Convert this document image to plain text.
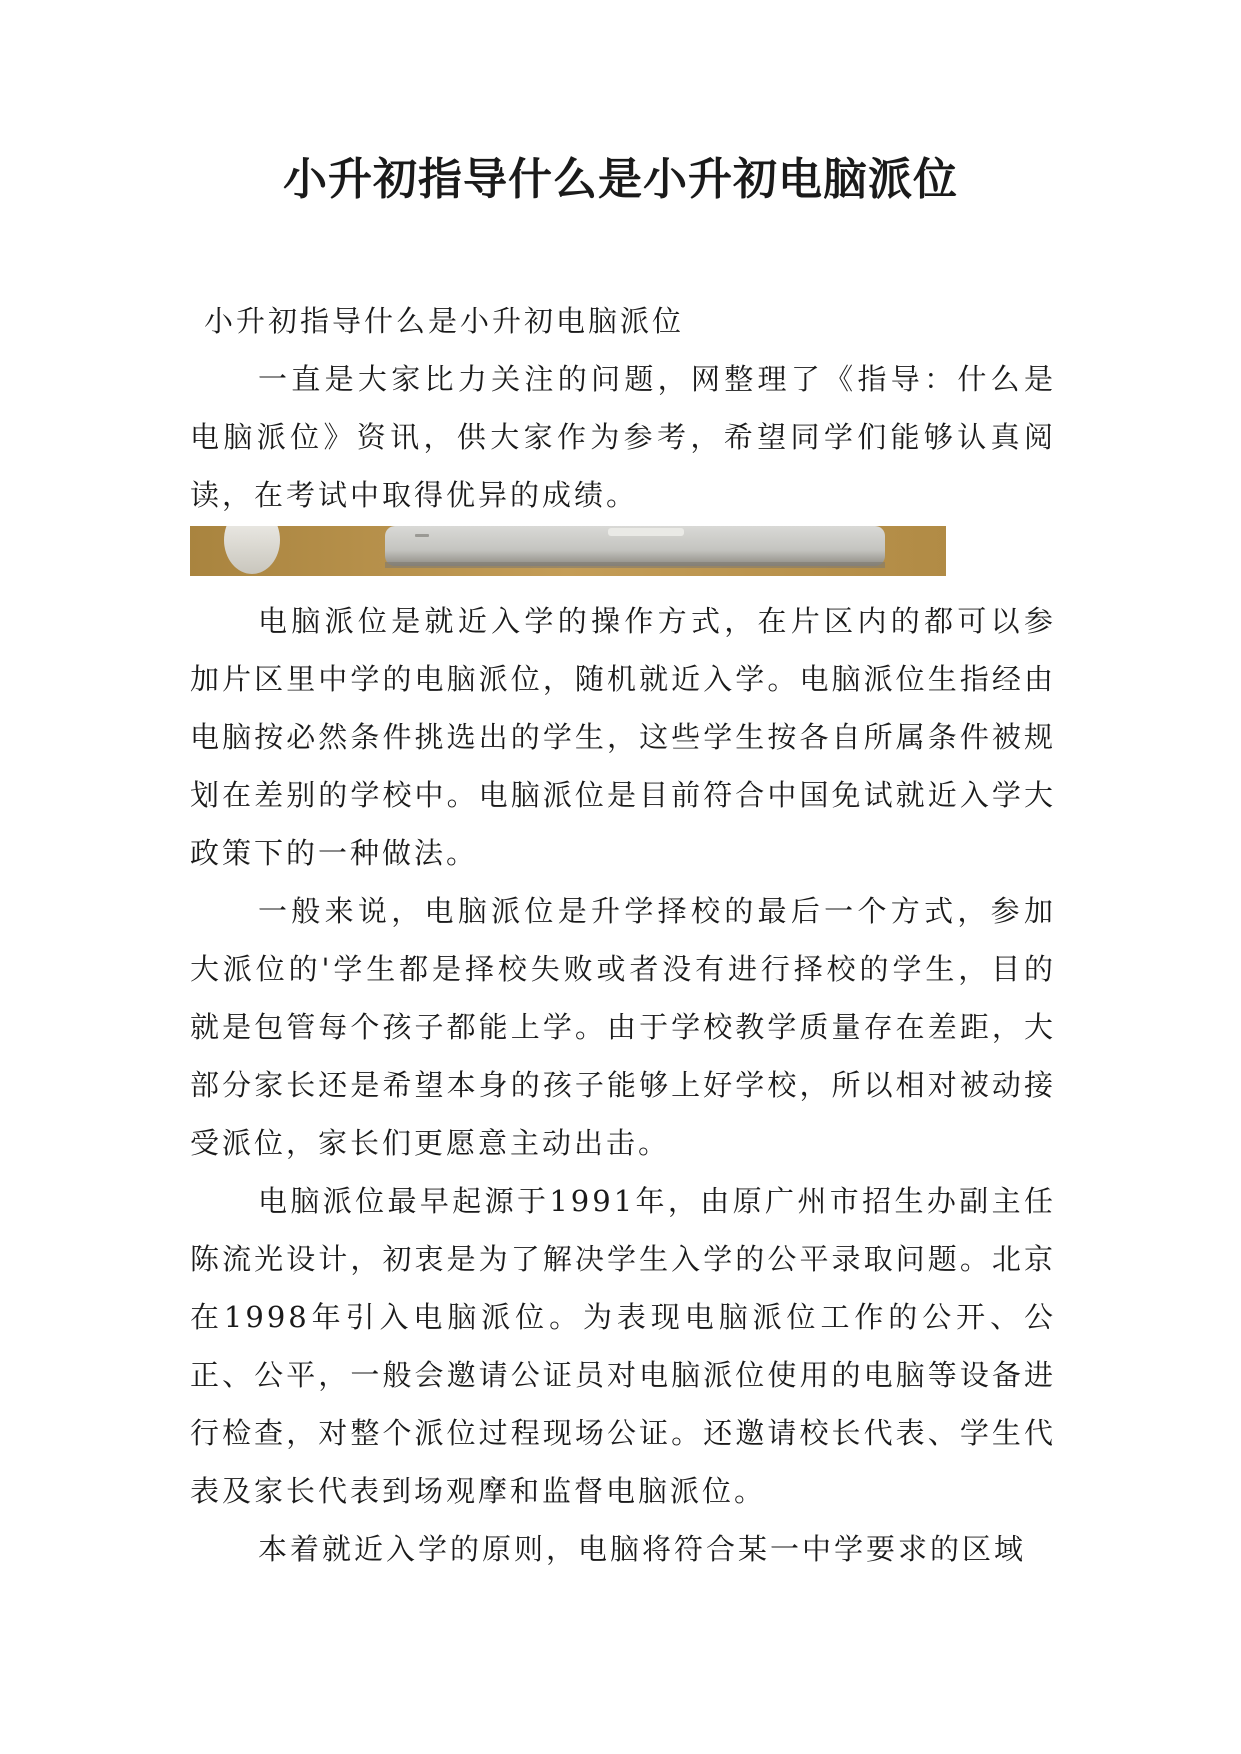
小升初指导什么是小升初电脑派位

小升初指导什么是小升初电脑派位

一直是大家比力关注的问题，网整理了《指导：什么是电脑派位》资讯，供大家作为参考，希望同学们能够认真阅读，在考试中取得优异的成绩。

电脑派位是就近入学的操作方式，在片区内的都可以参加片区里中学的电脑派位，随机就近入学。电脑派位生指经由电脑按必然条件挑选出的学生，这些学生按各自所属条件被规划在差别的学校中。电脑派位是目前符合中国免试就近入学大政策下的一种做法。

一般来说，电脑派位是升学择校的最后一个方式，参加大派位的'学生都是择校失败或者没有进行择校的学生，目的就是包管每个孩子都能上学。由于学校教学质量存在差距，大部分家长还是希望本身的孩子能够上好学校，所以相对被动接受派位，家长们更愿意主动出击。

电脑派位最早起源于1991年，由原广州市招生办副主任陈流光设计，初衷是为了解决学生入学的公平录取问题。北京在1998年引入电脑派位。为表现电脑派位工作的公开、公正、公平，一般会邀请公证员对电脑派位使用的电脑等设备进行检查，对整个派位过程现场公证。还邀请校长代表、学生代表及家长代表到场观摩和监督电脑派位。

本着就近入学的原则，电脑将符合某一中学要求的区域
